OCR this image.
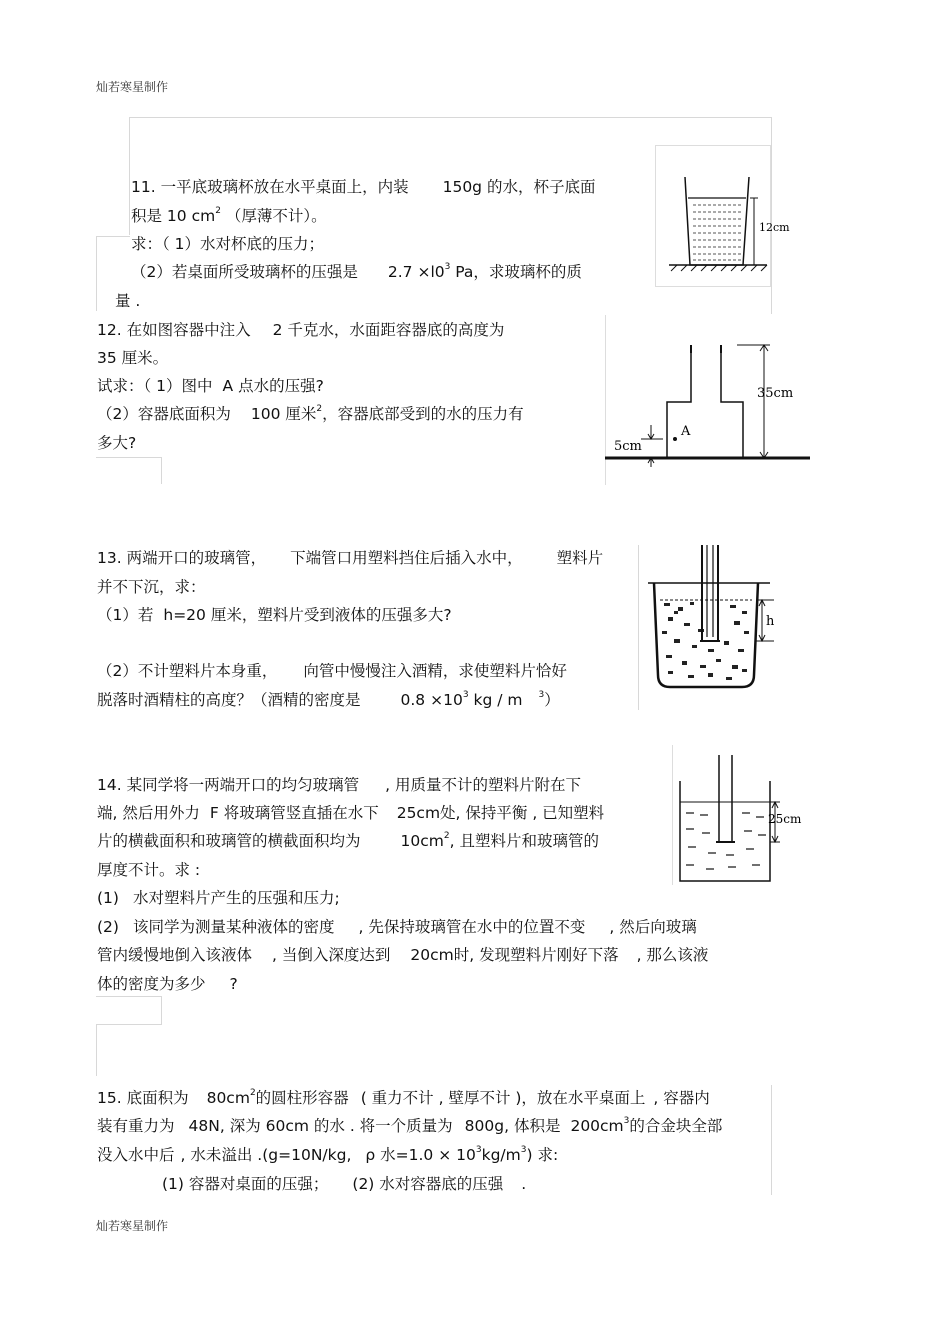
灿若寒星制作
灿若寒星制作
11. 一平底玻璃杯放在水平桌面上，内装 150g 的水，杯子底面
积是 10 $cm^2$ （厚薄不计）。
求：（ 1）水对杯底的压力；
（2）若桌面所受玻璃杯的压强是 $2.7 \times l0^3$ Pa，求玻璃杯的质
量 .
12cm
12. 在如图容器中注入 2 千克水，水面距容器底的高度为
35 厘米。
试求：（ 1）图中 A 点水的压强?
（2）容器底面积为 100 厘米$^2$，容器底部受到的水的压力有
多大?
35cm
A
5cm
13. 两端开口的玻璃管， 下端管口用塑料挡住后插入水中， 塑料片
并不下沉，求：
（1）若 h=20 厘米，塑料片受到液体的压强多大?
（2）不计塑料片本身重， 向管中慢慢注入酒精，求使塑料片恰好
脱落时酒精柱的高度？（酒精的密度是	$0.8 \times 10^3$ kg / m $^3$）
h
14. 某同学将一两端开口的均匀玻璃管 , 用质量不计的塑料片附在下
端, 然后用外力 F 将玻璃管竖直插在水下 25cm处, 保持平衡 , 已知塑料
片的横截面积和玻璃管的横截面积均为	$10cm^2$, 且塑料片和玻璃管的
厚度不计。求 :
(1) 水对塑料片产生的压强和压力;
(2) 该同学为测量某种液体的密度 , 先保持玻璃管在水中的位置不变 , 然后向玻璃
管内缓慢地倒入该液体 , 当倒入深度达到 20cm时, 发现塑料片刚好下落 , 那么该液
体的密度为多少 ?
25cm
15. 底面积为 $80cm^2$的圆柱形容器 ( 重力不计 , 壁厚不计 )，放在水平桌面上 , 容器内
装有重力为 48N, 深为 60cm 的水 . 将一个质量为 800g, 体积是 $200cm^3$的合金块全部
没入水中后 , 水未溢出 .(g=10N/kg, ρ 水$=1.0 \times 10^3kg/m^3$) 求:
(1) 容器对桌面的压强； (2) 水对容器底的压强 .
